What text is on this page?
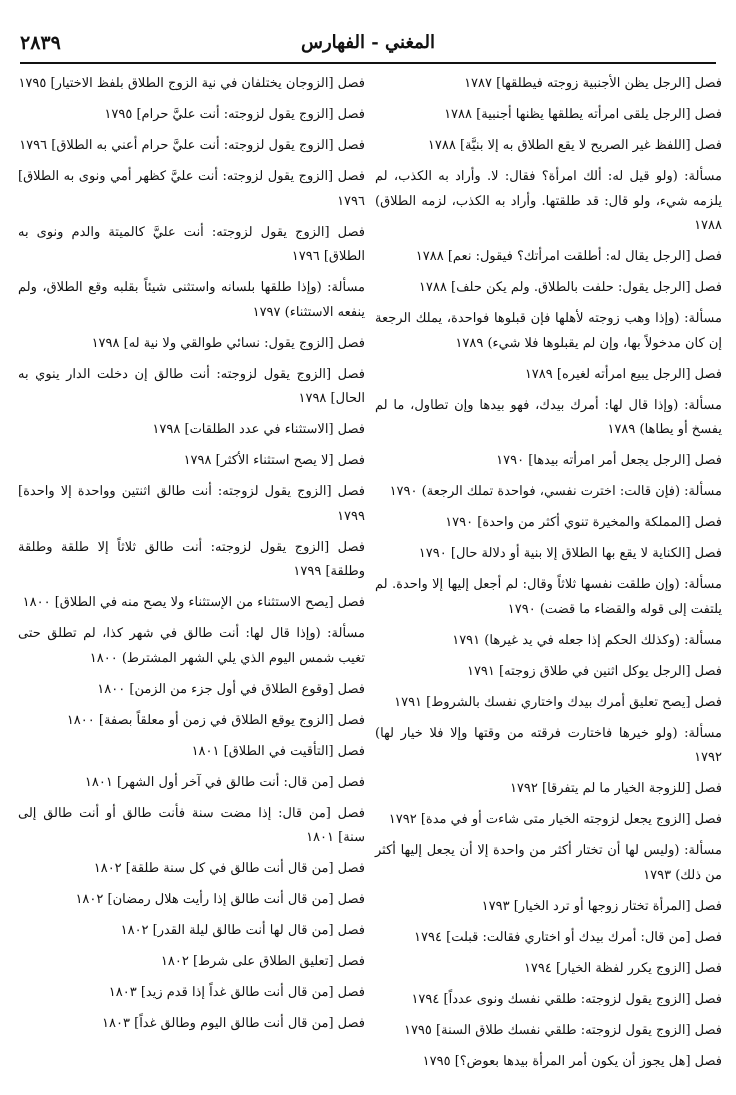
المغني - الفهارس
٢٨٣٩
فصل [الرجل يظن الأجنبية زوجته فيطلقها] ١٧٨٧
فصل [الرجل يلقى امرأته يطلقها يظنها أجنبية] ١٧٨٨
فصل [اللفظ غير الصريح لا يقع الطلاق به إلا بنيَّة] ١٧٨٨
مسألة: (ولو قيل له: ألك امرأة؟ فقال: لا. وأراد به الكذب، لم يلزمه شيء، ولو قال: قد طلقتها. وأراد به الكذب، لزمه الطلاق) ١٧٨٨
فصل [الرجل يقال له: أطلقت امرأتك؟ فيقول: نعم] ١٧٨٨
فصل [الرجل يقول: حلفت بالطلاق. ولم يكن حلف] ١٧٨٨
مسألة: (وإذا وهب زوجته لأهلها فإن قبلوها فواحدة، يملك الرجعة إن كان مدخولاً بها، وإن لم يقبلوها فلا شيء) ١٧٨٩
فصل [الرجل يبيع امرأته لغيره] ١٧٨٩
مسألة: (وإذا قال لها: أمرك بيدك، فهو بيدها وإن تطاول، ما لم يفسخ أو يطاها) ١٧٨٩
فصل [الرجل يجعل أمر امرأته بيدها] ١٧٩٠
مسألة: (فإن قالت: اخترت نفسي، فواحدة تملك الرجعة) ١٧٩٠
فصل [المملكة والمخيرة تنوي أكثر من واحدة] ١٧٩٠
فصل [الكناية لا يقع بها الطلاق إلا بنية أو دلالة حال] ١٧٩٠
مسألة: (وإن طلقت نفسها ثلاثاً وقال: لم أجعل إليها إلا واحدة. لم يلتفت إلى قوله والقضاء ما قضت) ١٧٩٠
مسألة: (وكذلك الحكم إذا جعله في يد غيرها) ١٧٩١
فصل [الرجل يوكل اثنين في طلاق زوجته] ١٧٩١
فصل [يصح تعليق أمرك بيدك واختاري نفسك بالشروط] ١٧٩١
مسألة: (ولو خيرها فاختارت فرقته من وقتها وإلا فلا خيار لها) ١٧٩٢
فصل [للزوجة الخيار ما لم يتفرقا] ١٧٩٢
فصل [الزوج يجعل لزوجته الخيار متى شاءت أو في مدة] ١٧٩٢
مسألة: (وليس لها أن تختار أكثر من واحدة إلا أن يجعل إليها أكثر من ذلك) ١٧٩٣
فصل [المرأة تختار زوجها أو ترد الخيار] ١٧٩٣
فصل [من قال: أمرك بيدك أو اختاري فقالت: قبلت] ١٧٩٤
فصل [الزوج يكرر لفظة الخيار] ١٧٩٤
فصل [الزوج يقول لزوجته: طلقي نفسك ونوى عدداً] ١٧٩٤
فصل [الزوج يقول لزوجته: طلقي نفسك طلاق السنة] ١٧٩٥
فصل [هل يجوز أن يكون أمر المرأة بيدها بعوض؟] ١٧٩٥
فصل [الزوجان يختلفان في نية الزوج الطلاق بلفظ الاختيار] ١٧٩٥
فصل [الزوج يقول لزوجته: أنت عليَّ حرام] ١٧٩٥
فصل [الزوج يقول لزوجته: أنت عليَّ حرام أعني به الطلاق] ١٧٩٦
فصل [الزوج يقول لزوجته: أنت عليَّ كظهر أمي ونوى به الطلاق] ١٧٩٦
فصل [الزوج يقول لزوجته: أنت عليَّ كالميتة والدم ونوى به الطلاق] ١٧٩٦
مسألة: (وإذا طلقها بلسانه واستثنى شيئاً بقلبه وقع الطلاق، ولم ينفعه الاستثناء) ١٧٩٧
فصل [الزوج يقول: نسائي طوالقي ولا نية له] ١٧٩٨
فصل [الزوج يقول لزوجته: أنت طالق إن دخلت الدار ينوي به الحال] ١٧٩٨
فصل [الاستثناء في عدد الطلقات] ١٧٩٨
فصل [لا يصح استثناء الأكثر] ١٧٩٨
فصل [الزوج يقول لزوجته: أنت طالق اثنتين وواحدة إلا واحدة] ١٧٩٩
فصل [الزوج يقول لزوجته: أنت طالق ثلاثاً إلا طلقة وطلقة وطلقة] ١٧٩٩
فصل [يصح الاستثناء من الإستثناء ولا يصح منه في الطلاق] ١٨٠٠
مسألة: (وإذا قال لها: أنت طالق في شهر كذا، لم تطلق حتى تغيب شمس اليوم الذي يلي الشهر المشترط) ١٨٠٠
فصل [وقوع الطلاق في أول جزء من الزمن] ١٨٠٠
فصل [الزوج يوقع الطلاق في زمن أو معلقاً بصفة] ١٨٠٠
فصل [التأقيت في الطلاق] ١٨٠١
فصل [من قال: أنت طالق في آخر أول الشهر] ١٨٠١
فصل [من قال: إذا مضت سنة فأنت طالق أو أنت طالق إلى سنة] ١٨٠١
فصل [من قال أنت طالق في كل سنة طلقة] ١٨٠٢
فصل [من قال أنت طالق إذا رأيت هلال رمضان] ١٨٠٢
فصل [من قال لها أنت طالق ليلة القدر] ١٨٠٢
فصل [تعليق الطلاق على شرط] ١٨٠٢
فصل [من قال أنت طالق غداً إذا قدم زيد] ١٨٠٣
فصل [من قال أنت طالق اليوم وطالق غداً] ١٨٠٣
